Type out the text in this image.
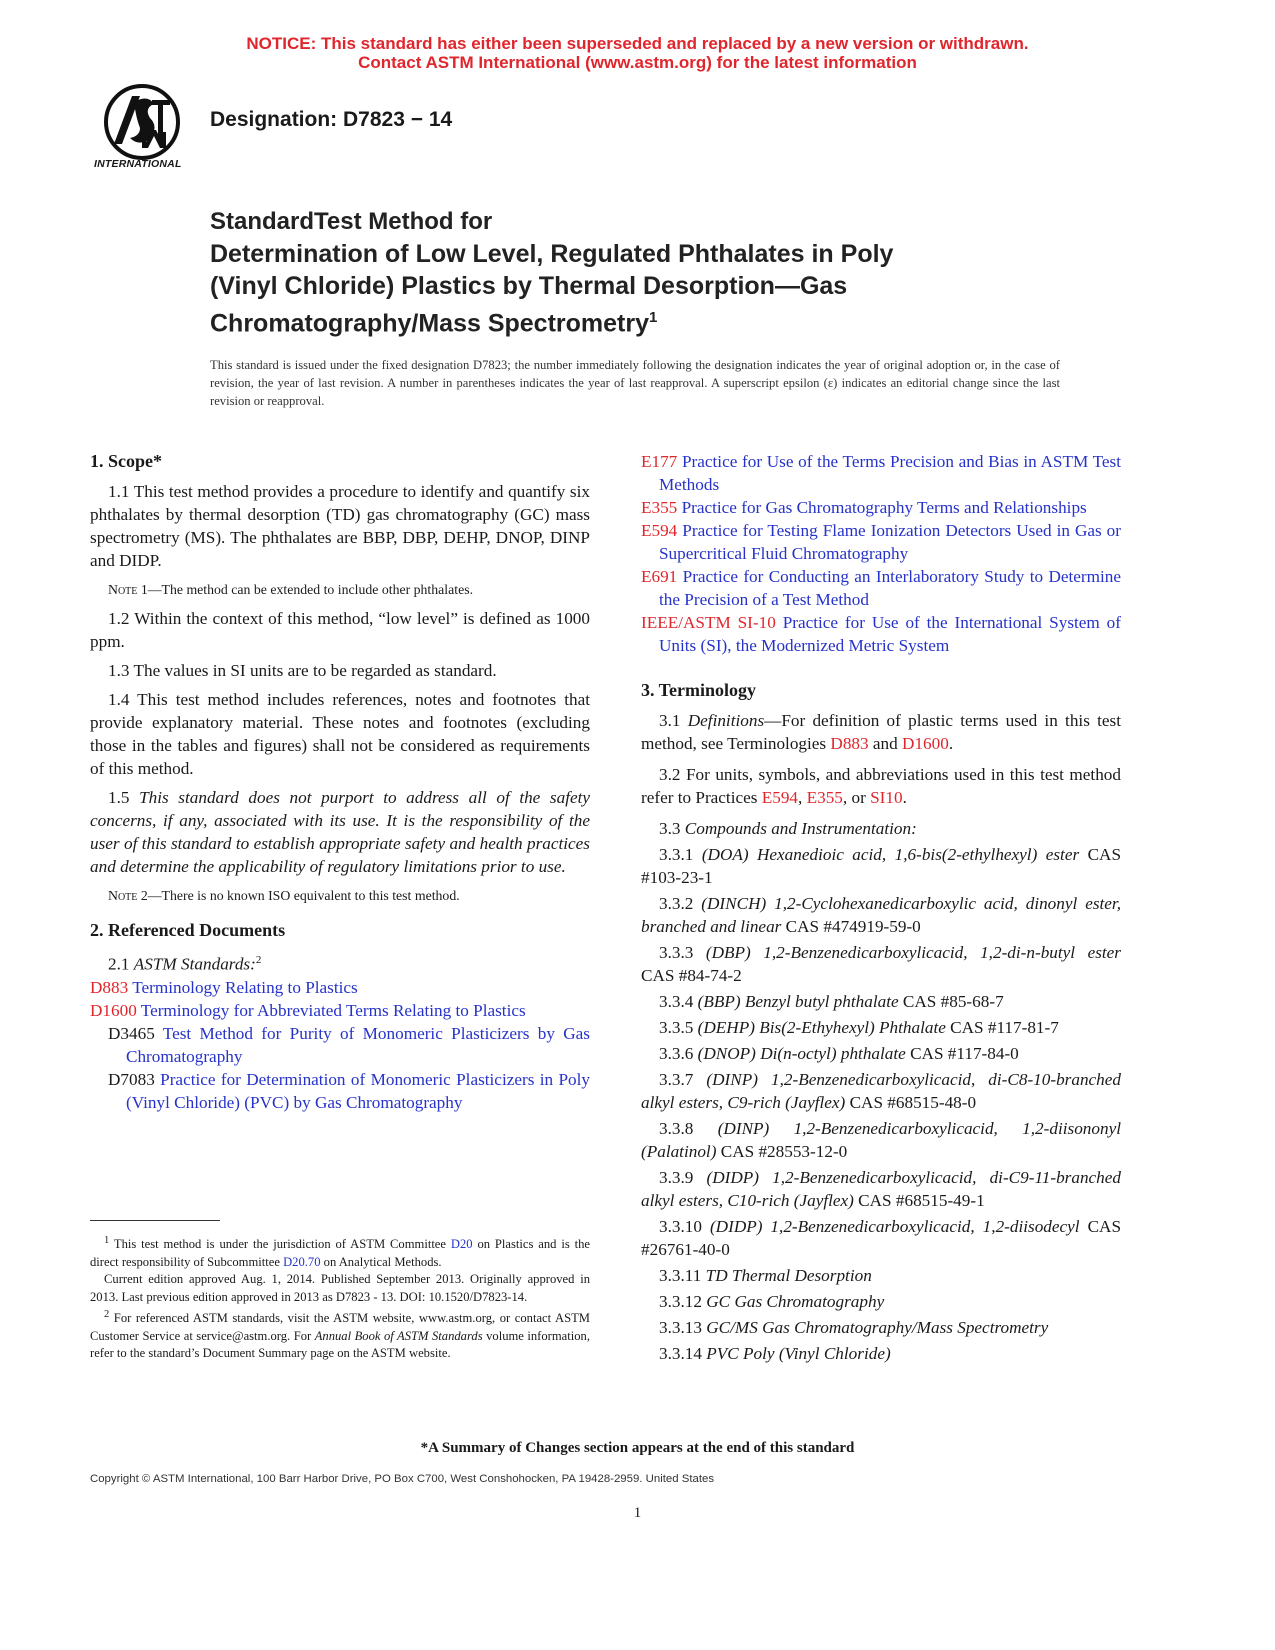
NOTICE: This standard has either been superseded and replaced by a new version or withdrawn.
Contact ASTM International (www.astm.org) for the latest information
INTERNATIONAL
Designation: D7823 − 14
StandardTest Method for
Determination of Low Level, Regulated Phthalates in Poly
(Vinyl Chloride) Plastics by Thermal Desorption—Gas
Chromatography/Mass Spectrometry$^1$
This standard is issued under the fixed designation D7823; the number immediately following the designation indicates the year of original adoption or, in the case of revision, the year of last revision. A number in parentheses indicates the year of last reapproval. A superscript epsilon (ε) indicates an editorial change since the last revision or reapproval.
1. Scope*

1.1 This test method provides a procedure to identify and quantify six phthalates by thermal desorption (TD) gas chromatography (GC) mass spectrometry (MS). The phthalates are BBP, DBP, DEHP, DNOP, DINP and DIDP.

Note 1—The method can be extended to include other phthalates.

1.2 Within the context of this method, “low level” is defined as 1000 ppm.

1.3 The values in SI units are to be regarded as standard.

1.4 This test method includes references, notes and footnotes that provide explanatory material. These notes and footnotes (excluding those in the tables and figures) shall not be considered as requirements of this method.

1.5 This standard does not purport to address all of the safety concerns, if any, associated with its use. It is the responsibility of the user of this standard to establish appropriate safety and health practices and determine the applicability of regulatory limitations prior to use.

Note 2—There is no known ISO equivalent to this test method.

2. Referenced Documents

2.1 ASTM Standards:$^2$

D883 Terminology Relating to Plastics

D1600 Terminology for Abbreviated Terms Relating to Plastics

D3465 Test Method for Purity of Monomeric Plasticizers by Gas Chromatography

D7083 Practice for Determination of Monomeric Plasticizers in Poly (Vinyl Chloride) (PVC) by Gas Chromatography

$^1$ This test method is under the jurisdiction of ASTM Committee D20 on Plastics and is the direct responsibility of Subcommittee D20.70 on Analytical Methods.

Current edition approved Aug. 1, 2014. Published September 2013. Originally approved in 2013. Last previous edition approved in 2013 as D7823 - 13. DOI: 10.1520/D7823-14.

$^2$ For referenced ASTM standards, visit the ASTM website, www.astm.org, or contact ASTM Customer Service at service@astm.org. For Annual Book of ASTM Standards volume information, refer to the standard’s Document Summary page on the ASTM website.

E177 Practice for Use of the Terms Precision and Bias in ASTM Test Methods

E355 Practice for Gas Chromatography Terms and Relationships

E594 Practice for Testing Flame Ionization Detectors Used in Gas or Supercritical Fluid Chromatography

E691 Practice for Conducting an Interlaboratory Study to Determine the Precision of a Test Method

IEEE/ASTM SI-10 Practice for Use of the International System of Units (SI), the Modernized Metric System

3. Terminology

3.1 Definitions—For definition of plastic terms used in this test method, see Terminologies D883 and D1600.

3.2 For units, symbols, and abbreviations used in this test method refer to Practices E594, E355, or SI10.

3.3 Compounds and Instrumentation:

3.3.1 (DOA) Hexanedioic acid, 1,6-bis(2-ethylhexyl) ester CAS #103-23-1

3.3.2 (DINCH) 1,2-Cyclohexanedicarboxylic acid, dinonyl ester, branched and linear CAS #474919-59-0

3.3.3 (DBP) 1,2-Benzenedicarboxylicacid, 1,2-di-n-butyl ester CAS #84-74-2

3.3.4 (BBP) Benzyl butyl phthalate CAS #85-68-7

3.3.5 (DEHP) Bis(2-Ethyhexyl) Phthalate CAS #117-81-7

3.3.6 (DNOP) Di(n-octyl) phthalate CAS #117-84-0

3.3.7 (DINP) 1,2-Benzenedicarboxylicacid, di-C8-10-branched alkyl esters, C9-rich (Jayflex) CAS #68515-48-0

3.3.8 (DINP) 1,2-Benzenedicarboxylicacid, 1,2-diisononyl (Palatinol) CAS #28553-12-0

3.3.9 (DIDP) 1,2-Benzenedicarboxylicacid, di-C9-11-branched alkyl esters, C10-rich (Jayflex) CAS #68515-49-1

3.3.10 (DIDP) 1,2-Benzenedicarboxylicacid, 1,2-diisodecyl CAS #26761-40-0

3.3.11 TD Thermal Desorption

3.3.12 GC Gas Chromatography

3.3.13 GC/MS Gas Chromatography/Mass Spectrometry

3.3.14 PVC Poly (Vinyl Chloride)

*A Summary of Changes section appears at the end of this standard
Copyright © ASTM International, 100 Barr Harbor Drive, PO Box C700, West Conshohocken, PA 19428-2959. United States
1
